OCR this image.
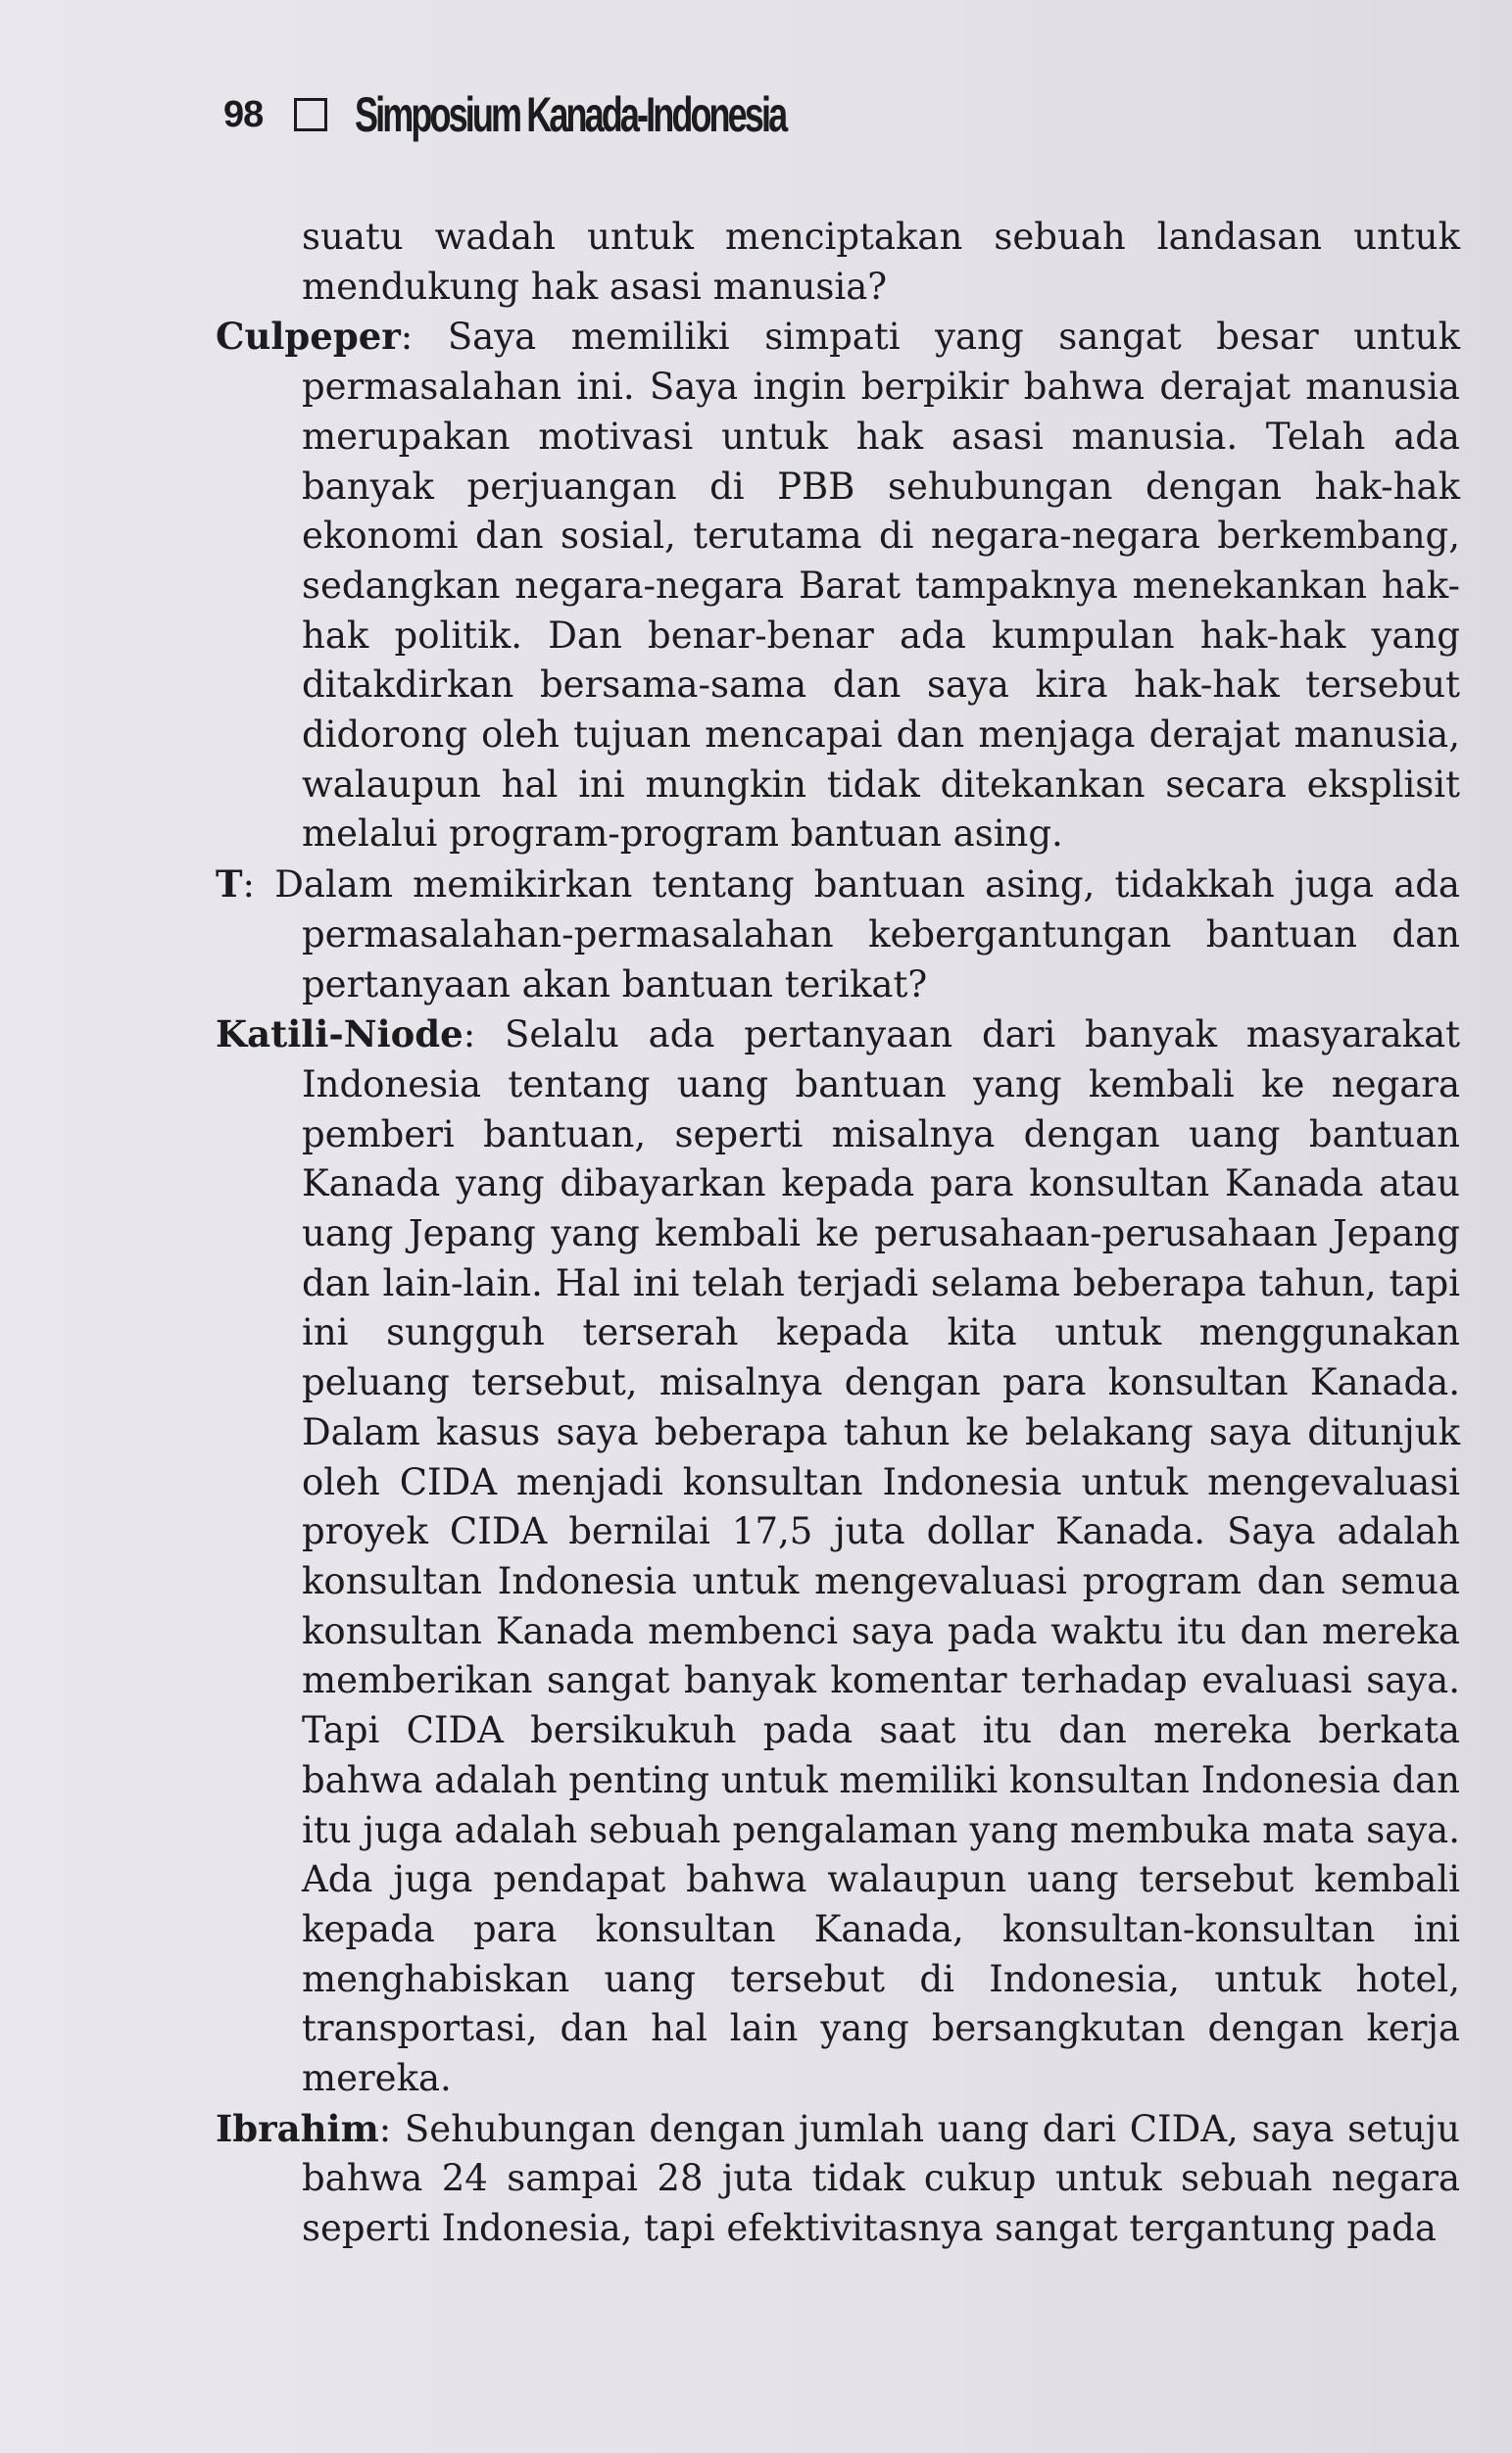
98 Simposium Kanada-Indonesia

suatu wadah untuk menciptakan sebuah landasan untuk mendukung hak asasi manusia?

Culpeper: Saya memiliki simpati yang sangat besar untuk permasalahan ini. Saya ingin berpikir bahwa derajat manusia merupakan motivasi untuk hak asasi manusia. Telah ada banyak perjuangan di PBB sehubungan dengan hak-hak ekonomi dan sosial, terutama di negara-negara berkembang, sedangkan negara-negara Barat tampaknya menekankan hak-hak politik. Dan benar-benar ada kumpulan hak-hak yang ditakdirkan bersama-sama dan saya kira hak-hak tersebut didorong oleh tujuan mencapai dan menjaga derajat manusia, walaupun hal ini mungkin tidak ditekankan secara eksplisit melalui program-program bantuan asing.

T: Dalam memikirkan tentang bantuan asing, tidakkah juga ada permasalahan-permasalahan kebergantungan bantuan dan pertanyaan akan bantuan terikat?

Katili-Niode: Selalu ada pertanyaan dari banyak masyarakat Indonesia tentang uang bantuan yang kembali ke negara pemberi bantuan, seperti misalnya dengan uang bantuan Kanada yang dibayarkan kepada para konsultan Kanada atau uang Jepang yang kembali ke perusahaan-perusahaan Jepang dan lain-lain. Hal ini telah terjadi selama beberapa tahun, tapi ini sungguh terserah kepada kita untuk menggunakan peluang tersebut, misalnya dengan para konsultan Kanada. Dalam kasus saya beberapa tahun ke belakang saya ditunjuk oleh CIDA menjadi konsultan Indonesia untuk mengevaluasi proyek CIDA bernilai 17,5 juta dollar Kanada. Saya adalah konsultan Indonesia untuk mengevaluasi program dan semua konsultan Kanada membenci saya pada waktu itu dan mereka memberikan sangat banyak komentar terhadap evaluasi saya. Tapi CIDA bersikukuh pada saat itu dan mereka berkata bahwa adalah penting untuk memiliki konsultan Indonesia dan itu juga adalah sebuah pengalaman yang membuka mata saya. Ada juga pendapat bahwa walaupun uang tersebut kembali kepada para konsultan Kanada, konsultan-konsultan ini menghabiskan uang tersebut di Indonesia, untuk hotel, transportasi, dan hal lain yang bersangkutan dengan kerja mereka.

Ibrahim: Sehubungan dengan jumlah uang dari CIDA, saya setuju bahwa 24 sampai 28 juta tidak cukup untuk sebuah negara seperti Indonesia, tapi efektivitasnya sangat tergantung pada
